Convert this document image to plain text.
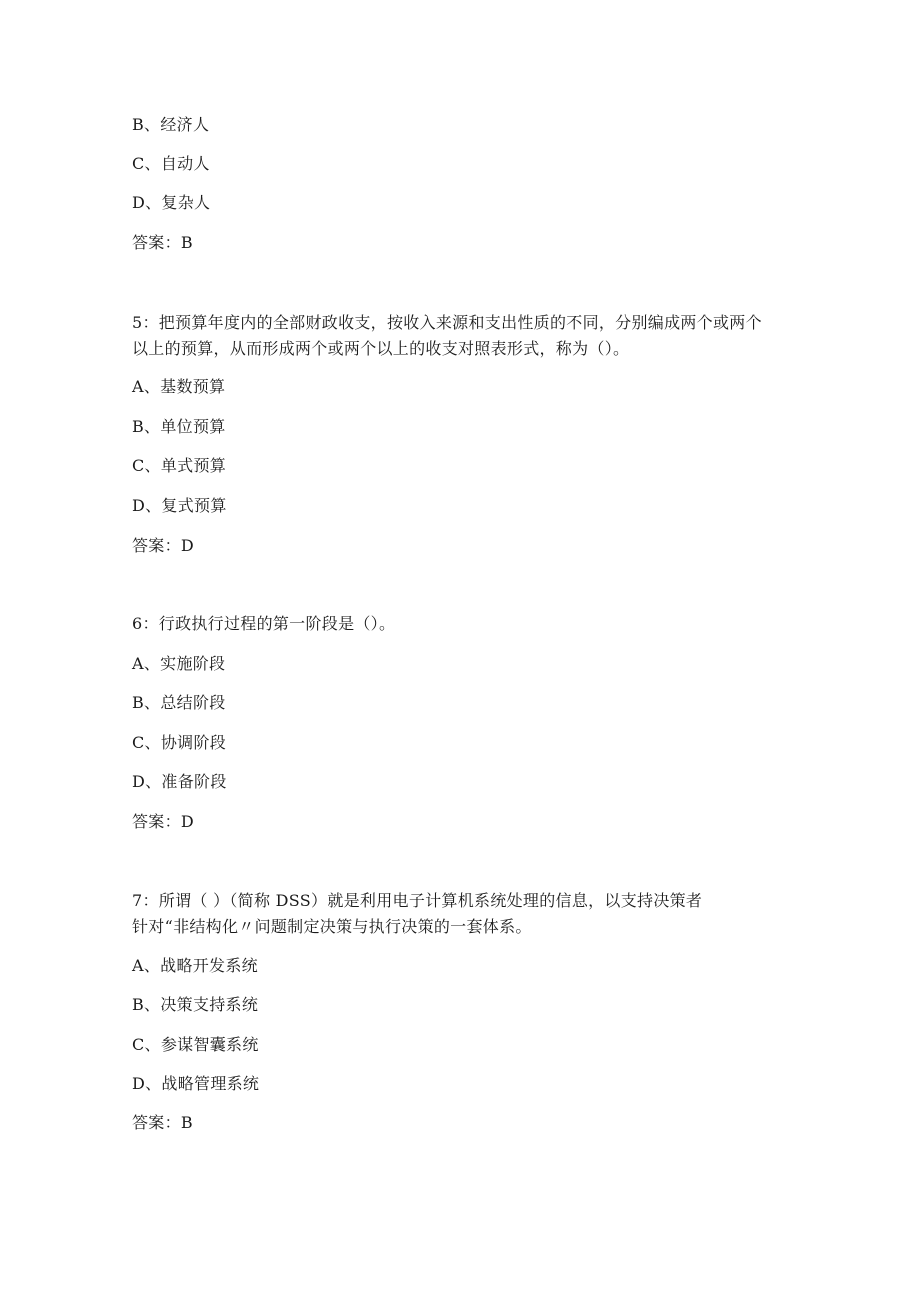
B、经济人
C、自动人
D、复杂人
答案：B
5：把预算年度内的全部财政收支，按收入来源和支出性质的不同，分别编成两个或两个
以上的预算，从而形成两个或两个以上的收支对照表形式，称为（）。
A、基数预算
B、单位预算
C、单式预算
D、复式预算
答案：D
6：行政执行过程的第一阶段是（）。
A、实施阶段
B、总结阶段
C、协调阶段
D、准备阶段
答案：D
7：所谓（ ）（简称 DSS）就是利用电子计算机系统处理的信息，以支持决策者
针对“非结构化〃问题制定决策与执行决策的一套体系。
A、战略开发系统
B、决策支持系统
C、参谋智囊系统
D、战略管理系统
答案：B
